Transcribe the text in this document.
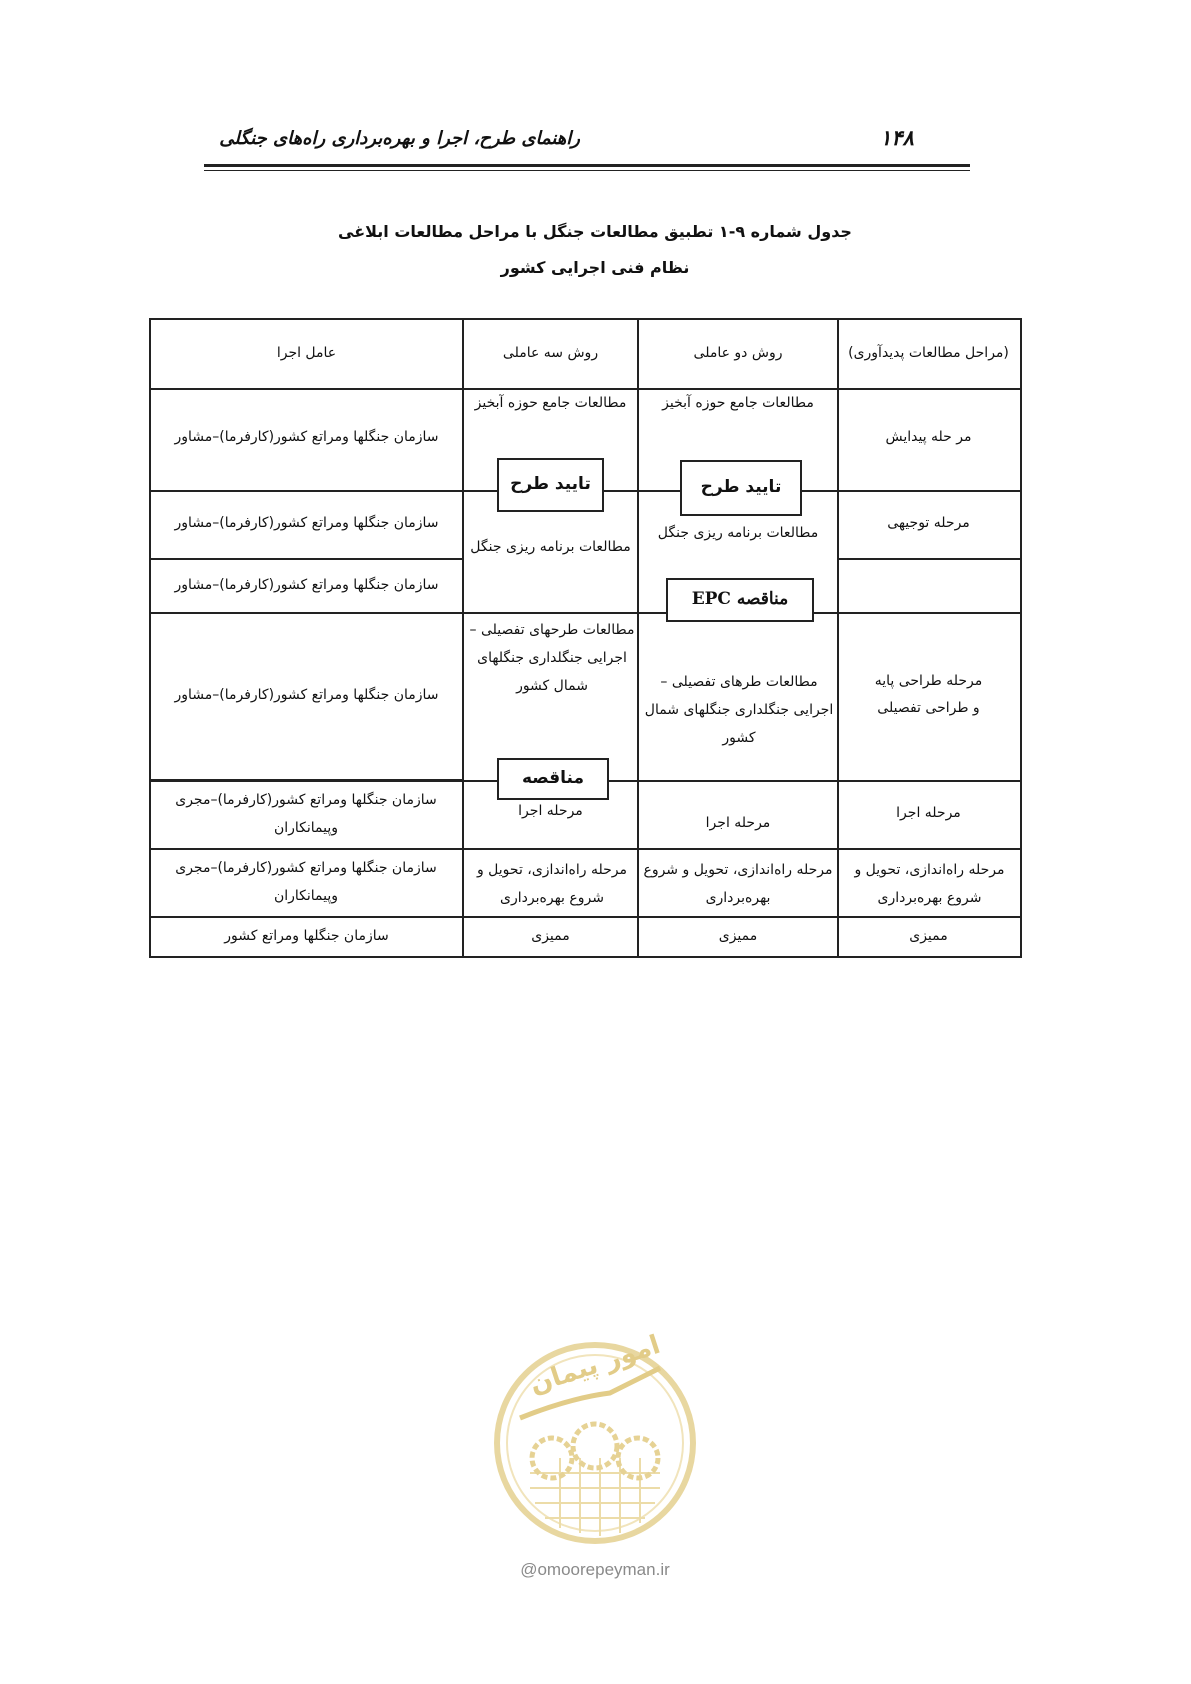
راهنمای طرح، اجرا و بهره‌برداری راه‌های جنگلی	۱۴۸
جدول شماره ۹-۱ تطبیق مطالعات جنگل با مراحل مطالعات ابلاغی
نظام فنی اجرایی کشور
(مراحل مطالعات پدیدآوری)
روش دو عاملی
روش سه عاملی
عامل اجرا
مر حله پیدایش
مرحله توجیهی
مرحله طراحی پایه
و طراحی تفصیلی
مرحله اجرا
مرحله راه‌اندازی، تحویل و شروع بهره‌برداری
ممیزی
مطالعات جامع حوزه آبخیز
مطالعات برنامه ریزی جنگل
مطالعات طرهای تفصیلی – اجرایی جنگلداری جنگلهای شمال کشور
مرحله اجرا
مرحله راه‌اندازی، تحویل و شروع بهره‌برداری
ممیزی
مطالعات جامع حوزه آبخیز
مطالعات برنامه ریزی جنگل
مطالعات طرحهای تفصیلی – اجرایی جنگلداری جنگلهای شمال کشور
مرحله اجرا
مرحله راه‌اندازی، تحویل و شروع بهره‌برداری
ممیزی
سازمان جنگلها ومراتع کشور(کارفرما)–مشاور
سازمان جنگلها ومراتع کشور(کارفرما)–مشاور
سازمان جنگلها ومراتع کشور(کارفرما)–مشاور
سازمان جنگلها ومراتع کشور(کارفرما)–مشاور
سازمان جنگلها ومراتع کشور(کارفرما)–مجری وپیمانکاران
سازمان جنگلها ومراتع کشور(کارفرما)–مجری وپیمانکاران
سازمان جنگلها ومراتع کشور
تایید طرح
تایید طرح
مناقصه EPC
مناقصه
امور پیمان
@omoorepeyman.ir
